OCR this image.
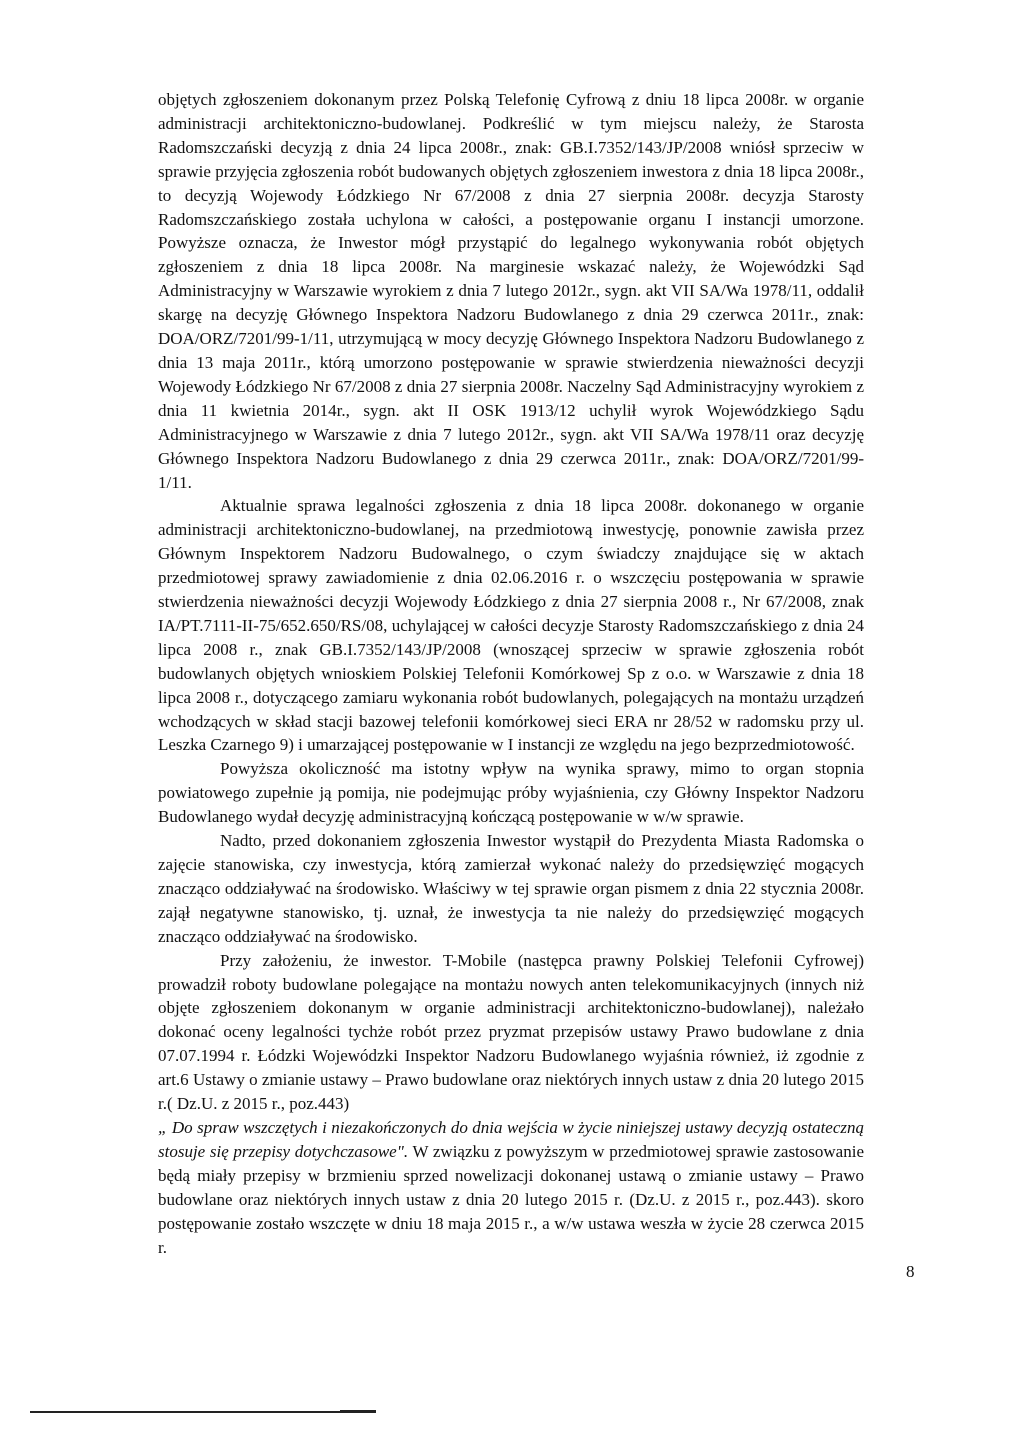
objętych zgłoszeniem dokonanym przez Polską Telefonię Cyfrową z dniu 18 lipca 2008r. w organie administracji architektoniczno-budowlanej. Podkreślić w tym miejscu należy, że Starosta Radomszczański decyzją z dnia 24 lipca 2008r., znak: GB.I.7352/143/JP/2008 wniósł sprzeciw w sprawie przyjęcia zgłoszenia robót budowanych objętych zgłoszeniem inwestora z dnia 18 lipca 2008r., to decyzją Wojewody Łódzkiego Nr 67/2008 z dnia 27 sierpnia 2008r. decyzja Starosty Radomszczańskiego została uchylona w całości, a postępowanie organu I instancji umorzone. Powyższe oznacza, że Inwestor mógł przystąpić do legalnego wykonywania robót objętych zgłoszeniem z dnia 18 lipca 2008r. Na marginesie wskazać należy, że Wojewódzki Sąd Administracyjny w Warszawie wyrokiem z dnia 7 lutego 2012r., sygn. akt VII SA/Wa 1978/11, oddalił skargę na decyzję Głównego Inspektora Nadzoru Budowlanego z dnia 29 czerwca 2011r., znak: DOA/ORZ/7201/99-1/11, utrzymującą w mocy decyzję Głównego Inspektora Nadzoru Budowlanego z dnia 13 maja 2011r., którą umorzono postępowanie w sprawie stwierdzenia nieważności decyzji Wojewody Łódzkiego Nr 67/2008 z dnia 27 sierpnia 2008r. Naczelny Sąd Administracyjny wyrokiem z dnia 11 kwietnia 2014r., sygn. akt II OSK 1913/12 uchylił wyrok Wojewódzkiego Sądu Administracyjnego w Warszawie z dnia 7 lutego 2012r., sygn. akt VII SA/Wa 1978/11 oraz decyzję Głównego Inspektora Nadzoru Budowlanego z dnia 29 czerwca 2011r., znak: DOA/ORZ/7201/99-1/11.

Aktualnie sprawa legalności zgłoszenia z dnia 18 lipca 2008r. dokonanego w organie administracji architektoniczno-budowlanej, na przedmiotową inwestycję, ponownie zawisła przez Głównym Inspektorem Nadzoru Budowalnego, o czym świadczy znajdujące się w aktach przedmiotowej sprawy zawiadomienie z dnia 02.06.2016 r. o wszczęciu postępowania w sprawie stwierdzenia nieważności decyzji Wojewody Łódzkiego z dnia 27 sierpnia 2008 r., Nr 67/2008, znak IA/PT.7111-II-75/652.650/RS/08, uchylającej w całości decyzje Starosty Radomszczańskiego z dnia 24 lipca 2008 r., znak GB.I.7352/143/JP/2008 (wnoszącej sprzeciw w sprawie zgłoszenia robót budowlanych objętych wnioskiem Polskiej Telefonii Komórkowej Sp z o.o. w Warszawie z dnia 18 lipca 2008 r., dotyczącego zamiaru wykonania robót budowlanych, polegających na montażu urządzeń wchodzących w skład stacji bazowej telefonii komórkowej sieci ERA nr 28/52 w radomsku przy ul. Leszka Czarnego 9) i umarzającej postępowanie w I instancji ze względu na jego bezprzedmiotowość.

Powyższa okoliczność ma istotny wpływ na wynika sprawy, mimo to organ stopnia powiatowego zupełnie ją pomija, nie podejmując próby wyjaśnienia, czy Główny Inspektor Nadzoru Budowlanego wydał decyzję administracyjną kończącą postępowanie w w/w sprawie.

Nadto, przed dokonaniem zgłoszenia Inwestor wystąpił do Prezydenta Miasta Radomska o zajęcie stanowiska, czy inwestycja, którą zamierzał wykonać należy do przedsięwzięć mogących znacząco oddziaływać na środowisko. Właściwy w tej sprawie organ pismem z dnia 22 stycznia 2008r. zajął negatywne stanowisko, tj. uznał, że inwestycja ta nie należy do przedsięwzięć mogących znacząco oddziaływać na środowisko.

Przy założeniu, że inwestor. T-Mobile (następca prawny Polskiej Telefonii Cyfrowej) prowadził roboty budowlane polegające na montażu nowych anten telekomunikacyjnych (innych niż objęte zgłoszeniem dokonanym w organie administracji architektoniczno-budowlanej), należało dokonać oceny legalności tychże robót przez pryzmat przepisów ustawy Prawo budowlane z dnia 07.07.1994 r. Łódzki Wojewódzki Inspektor Nadzoru Budowlanego wyjaśnia również, iż zgodnie z art.6 Ustawy o zmianie ustawy – Prawo budowlane oraz niektórych innych ustaw z dnia 20 lutego 2015 r.( Dz.U. z 2015 r., poz.443)

„ Do spraw wszczętych i niezakończonych do dnia wejścia w życie niniejszej ustawy decyzją ostateczną stosuje się przepisy dotychczasowe". W związku z powyższym w przedmiotowej sprawie zastosowanie będą miały przepisy w brzmieniu sprzed nowelizacji dokonanej ustawą o zmianie ustawy – Prawo budowlane oraz niektórych innych ustaw z dnia 20 lutego 2015 r. (Dz.U. z 2015 r., poz.443). skoro postępowanie zostało wszczęte w dniu 18 maja 2015 r., a w/w ustawa weszła w życie 28 czerwca 2015 r.

8
